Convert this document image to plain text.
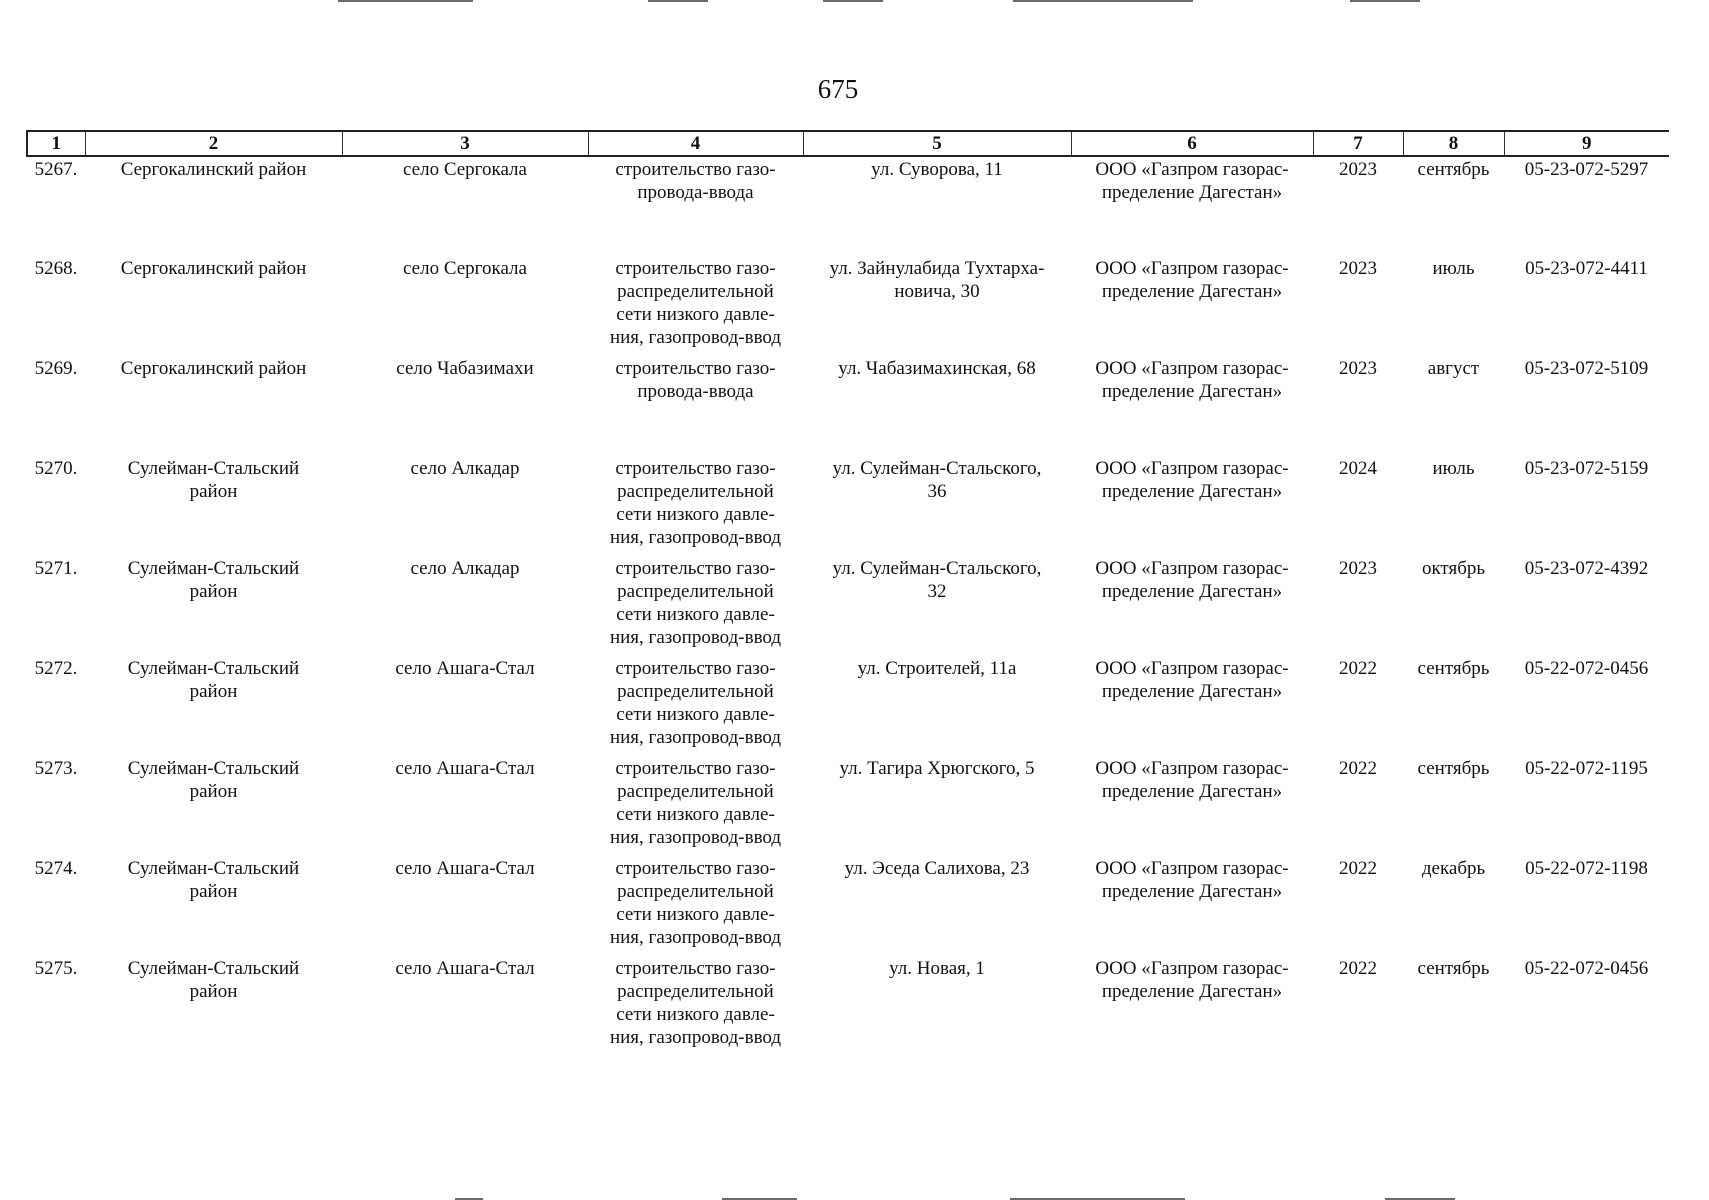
675
1	2	3	4	5	6	7	8	9
5267.	Сергокалинский район	село Сергокала	строительство газо-
провода-ввода	ул. Суворова, 11	ООО «Газпром газорас-
пределение Дагестан»	2023	сентябрь	05-23-072-5297
5268.	Сергокалинский район	село Сергокала	строительство газо-
распределительной
сети низкого давле-
ния, газопровод-ввод	ул. Зайнулабида Тухтарха-
новича, 30	ООО «Газпром газорас-
пределение Дагестан»	2023	июль	05-23-072-4411
5269.	Сергокалинский район	село Чабазимахи	строительство газо-
провода-ввода	ул. Чабазимахинская, 68	ООО «Газпром газорас-
пределение Дагестан»	2023	август	05-23-072-5109
5270.	Сулейман-Стальский
район	село Алкадар	строительство газо-
распределительной
сети низкого давле-
ния, газопровод-ввод	ул. Сулейман-Стальского,
36	ООО «Газпром газорас-
пределение Дагестан»	2024	июль	05-23-072-5159
5271.	Сулейман-Стальский
район	село Алкадар	строительство газо-
распределительной
сети низкого давле-
ния, газопровод-ввод	ул. Сулейман-Стальского,
32	ООО «Газпром газорас-
пределение Дагестан»	2023	октябрь	05-23-072-4392
5272.	Сулейман-Стальский
район	село Ашага-Стал	строительство газо-
распределительной
сети низкого давле-
ния, газопровод-ввод	ул. Строителей, 11а	ООО «Газпром газорас-
пределение Дагестан»	2022	сентябрь	05-22-072-0456
5273.	Сулейман-Стальский
район	село Ашага-Стал	строительство газо-
распределительной
сети низкого давле-
ния, газопровод-ввод	ул. Тагира Хрюгского, 5	ООО «Газпром газорас-
пределение Дагестан»	2022	сентябрь	05-22-072-1195
5274.	Сулейман-Стальский
район	село Ашага-Стал	строительство газо-
распределительной
сети низкого давле-
ния, газопровод-ввод	ул. Эседа Салихова, 23	ООО «Газпром газорас-
пределение Дагестан»	2022	декабрь	05-22-072-1198
5275.	Сулейман-Стальский
район	село Ашага-Стал	строительство газо-
распределительной
сети низкого давле-
ния, газопровод-ввод	ул. Новая, 1	ООО «Газпром газорас-
пределение Дагестан»	2022	сентябрь	05-22-072-0456
